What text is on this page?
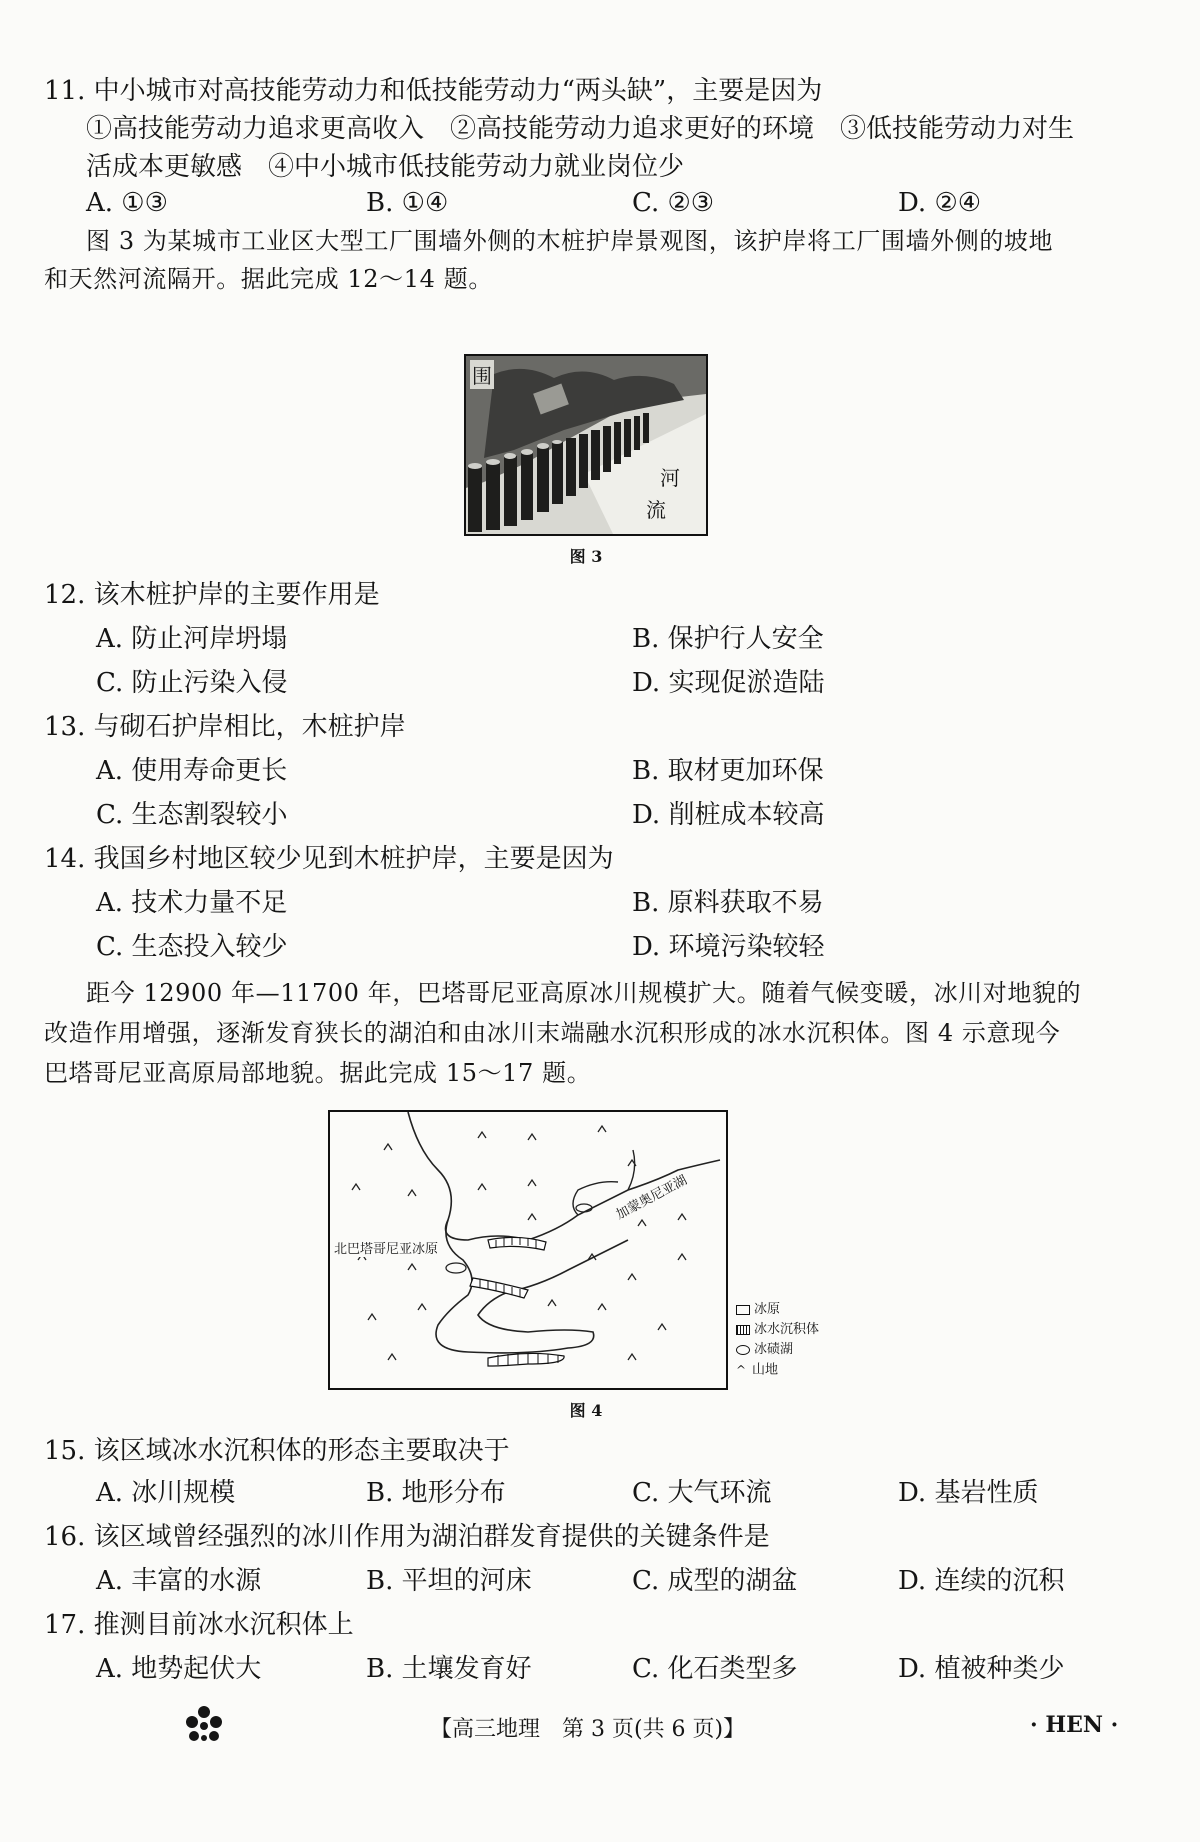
11. 中小城市对高技能劳动力和低技能劳动力“两头缺”，主要是因为
①高技能劳动力追求更高收入　②高技能劳动力追求更好的环境　③低技能劳动力对生
活成本更敏感　④中小城市低技能劳动力就业岗位少
A. ①③	B. ①④	C. ②③	D. ②④
图 3 为某城市工业区大型工厂围墙外侧的木桩护岸景观图，该护岸将工厂围墙外侧的坡地
和天然河流隔开。据此完成 12～14 题。
围
河
流
图 3
12. 该木桩护岸的主要作用是
A. 防止河岸坍塌	B. 保护行人安全
C. 防止污染入侵	D. 实现促淤造陆
13. 与砌石护岸相比，木桩护岸
A. 使用寿命更长	B. 取材更加环保
C. 生态割裂较小	D. 削桩成本较高
14. 我国乡村地区较少见到木桩护岸，主要是因为
A. 技术力量不足	B. 原料获取不易
C. 生态投入较少	D. 环境污染较轻
距今 12900 年—11700 年，巴塔哥尼亚高原冰川规模扩大。随着气候变暖，冰川对地貌的
改造作用增强，逐渐发育狭长的湖泊和由冰川末端融水沉积形成的冰水沉积体。图 4 示意现今
巴塔哥尼亚高原局部地貌。据此完成 15～17 题。
北巴塔哥尼亚冰原
加蒙奥尼亚湖
冰原
冰水沉积体
冰碛湖
^ 山地
图 4
15. 该区域冰水沉积体的形态主要取决于
A. 冰川规模	B. 地形分布	C. 大气环流	D. 基岩性质
16. 该区域曾经强烈的冰川作用为湖泊群发育提供的关键条件是
A. 丰富的水源	B. 平坦的河床	C. 成型的湖盆	D. 连续的沉积
17. 推测目前冰水沉积体上
A. 地势起伏大	B. 土壤发育好	C. 化石类型多	D. 植被种类少
【高三地理　第 3 页(共 6 页)】	· HEN ·
